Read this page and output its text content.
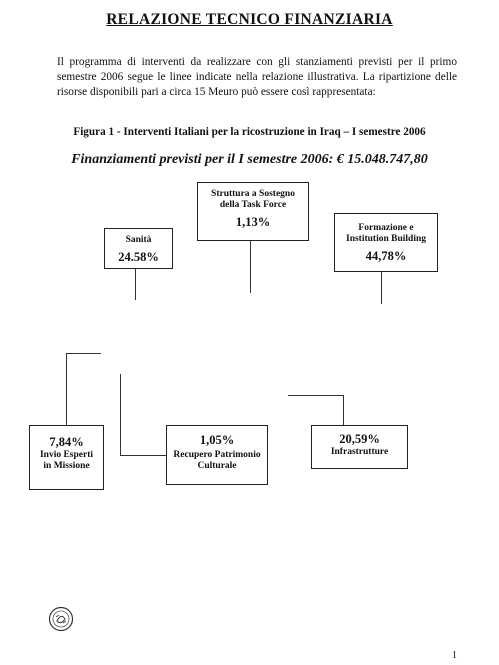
RELAZIONE TECNICO FINANZIARIA
Il programma di interventi da realizzare con gli stanziamenti previsti per il primo semestre 2006 segue le linee indicate nella relazione illustrativa. La ripartizione delle risorse disponibili pari a circa 15 Meuro può essere così rappresentata:
Figura 1 - Interventi Italiani per la ricostruzione in Iraq – I semestre 2006
Finanziamenti previsti per il I semestre 2006: € 15.048.747,80
Struttura a Sostegno
della Task Force
1,13%
Sanità
24.58%
Formazione e
Institution Building
44,78%
7,84%
Invio Esperti
in Missione
1,05%
Recupero Patrimonio
Culturale
20,59%
Infrastrutture
1
